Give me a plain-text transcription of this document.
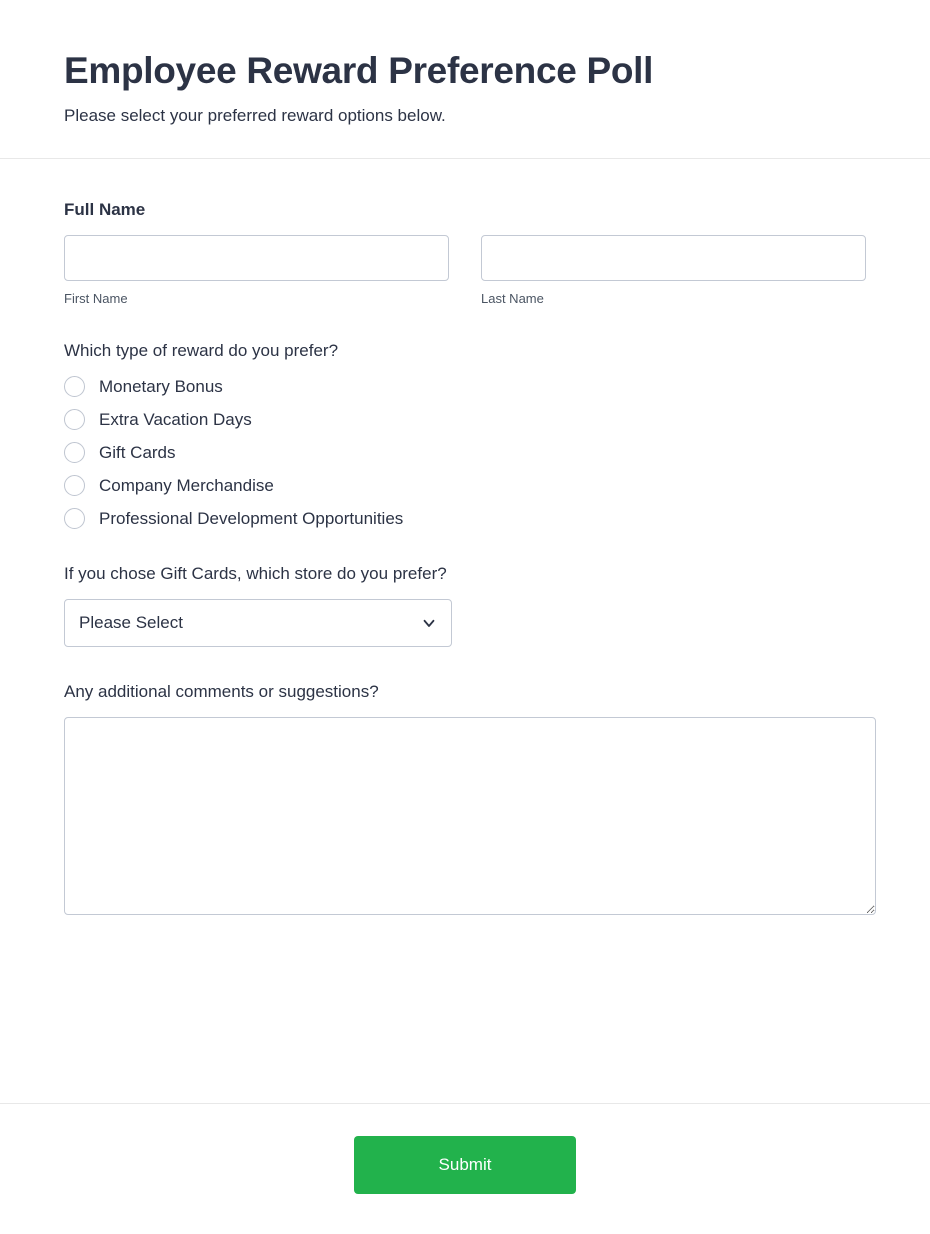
Employee Reward Preference Poll

Please select your preferred reward options below.

Full Name
First Name	Last Name
Which type of reward do you prefer?
Monetary Bonus
Extra Vacation Days
Gift Cards
Company Merchandise
Professional Development Opportunities
If you chose Gift Cards, which store do you prefer?
Please Select
Any additional comments or suggestions?
Submit
